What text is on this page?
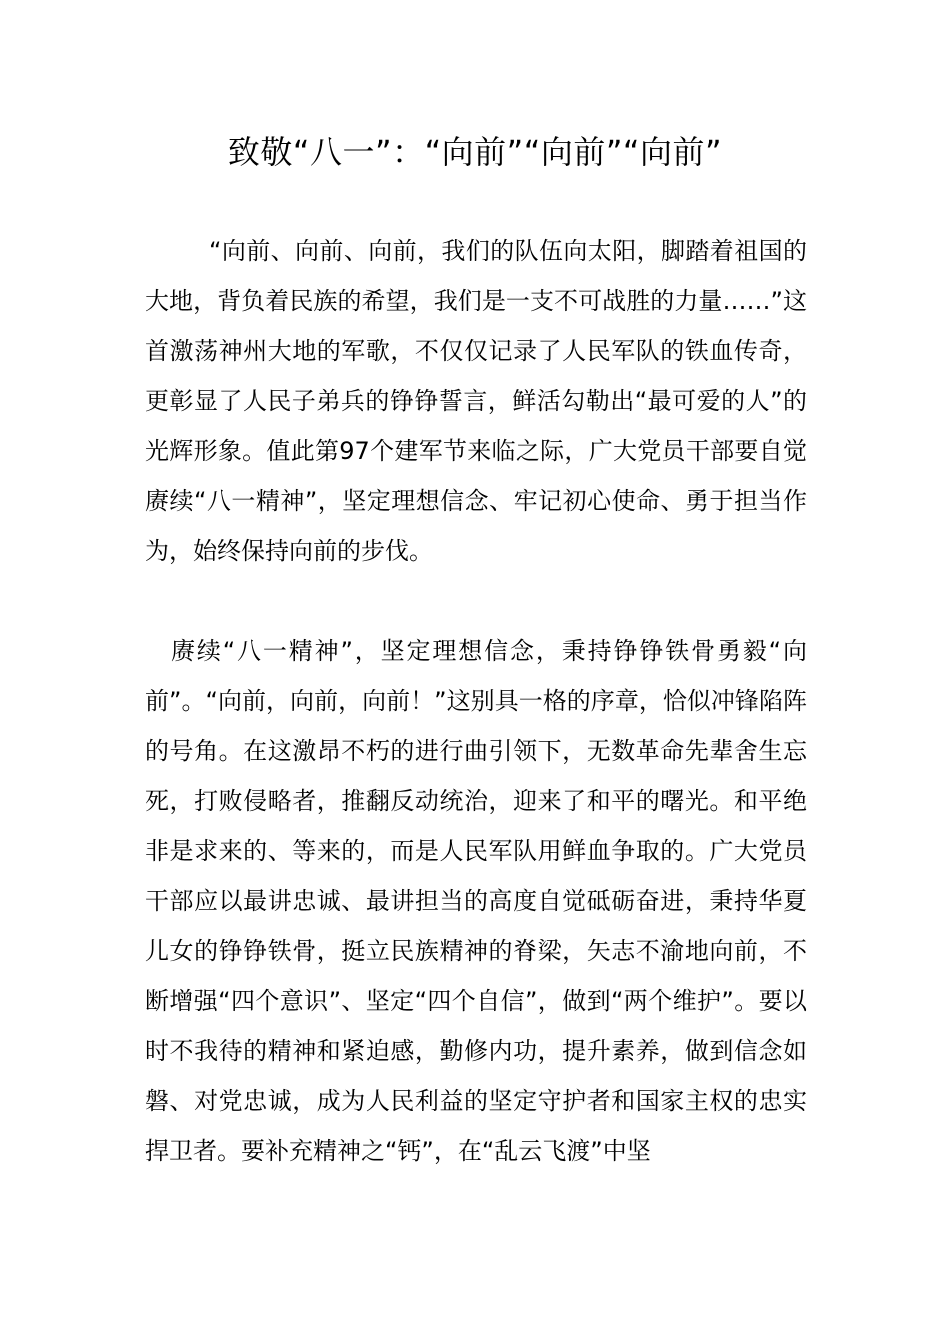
致敬“八一”：“向前”“向前”“向前”

“向前、向前、向前，我们的队伍向太阳，脚踏着祖国的大地，背负着民族的希望，我们是一支不可战胜的力量……”这首激荡神州大地的军歌，不仅仅记录了人民军队的铁血传奇，更彰显了人民子弟兵的铮铮誓言，鲜活勾勒出“最可爱的人”的光辉形象。值此第97个建军节来临之际，广大党员干部要自觉赓续“八一精神”，坚定理想信念、牢记初心使命、勇于担当作为，始终保持向前的步伐。

赓续“八一精神”，坚定理想信念，秉持铮铮铁骨勇毅“向前”。“向前，向前，向前！”这别具一格的序章，恰似冲锋陷阵的号角。在这激昂不朽的进行曲引领下，无数革命先辈舍生忘死，打败侵略者，推翻反动统治，迎来了和平的曙光。和平绝非是求来的、等来的，而是人民军队用鲜血争取的。广大党员干部应以最讲忠诚、最讲担当的高度自觉砥砺奋进，秉持华夏儿女的铮铮铁骨，挺立民族精神的脊梁，矢志不渝地向前，不断增强“四个意识”、坚定“四个自信”，做到“两个维护”。要以时不我待的精神和紧迫感，勤修内功，提升素养，做到信念如磐、对党忠诚，成为人民利益的坚定守护者和国家主权的忠实捍卫者。要补充精神之“钙”，在“乱云飞渡”中坚
